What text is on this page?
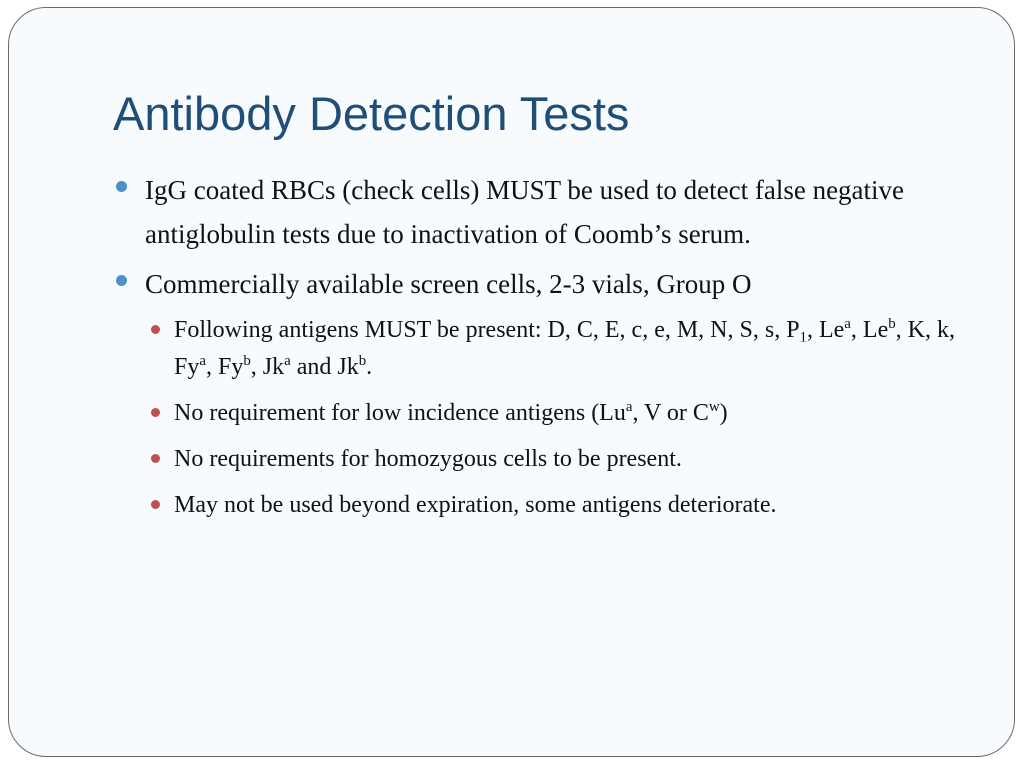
Antibody Detection Tests
IgG coated RBCs (check cells) MUST be used to detect false negative antiglobulin tests due to inactivation of Coomb’s serum.
Commercially available screen cells, 2-3 vials, Group O
Following antigens MUST be present: D, C, E, c, e, M, N, S, s, $P_1$, Le$^a$, Le$^b$, K, k, Fy$^a$, Fy$^b$, Jk$^a$ and Jk$^b$.
No requirement for low incidence antigens (Lu$^a$, V or $C^w$)
No requirements for homozygous cells to be present.
May not be used beyond expiration, some antigens deteriorate.
